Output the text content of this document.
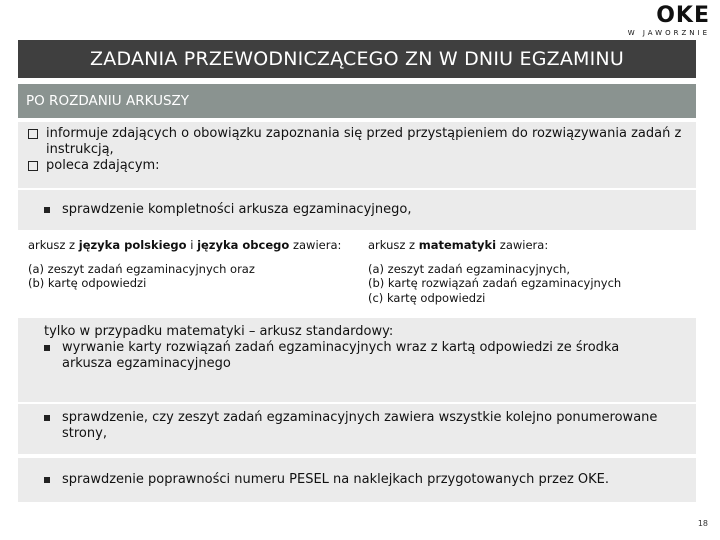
OKE
W JAWORZNIE
ZADANIA PRZEWODNICZĄCEGO ZN W DNIU EGZAMINU
PO ROZDANIU ARKUSZY
informuje zdających o obowiązku zapoznania się przed przystąpieniem do rozwiązywania zadań z instrukcją,
poleca zdającym:
sprawdzenie kompletności arkusza egzaminacyjnego,
arkusz z języka polskiego i języka obcego zawiera:
(a) zeszyt zadań egzaminacyjnych oraz
(b) kartę odpowiedzi
arkusz z matematyki zawiera:
(a) zeszyt zadań egzaminacyjnych,
(b) kartę rozwiązań zadań egzaminacyjnych
(c) kartę odpowiedzi
tylko w przypadku matematyki – arkusz standardowy:
wyrwanie karty rozwiązań zadań egzaminacyjnych wraz z kartą odpowiedzi ze środka arkusza egzaminacyjnego
sprawdzenie, czy zeszyt zadań egzaminacyjnych zawiera wszystkie kolejno ponumerowane strony,
sprawdzenie poprawności numeru PESEL na naklejkach przygotowanych przez OKE.
18
